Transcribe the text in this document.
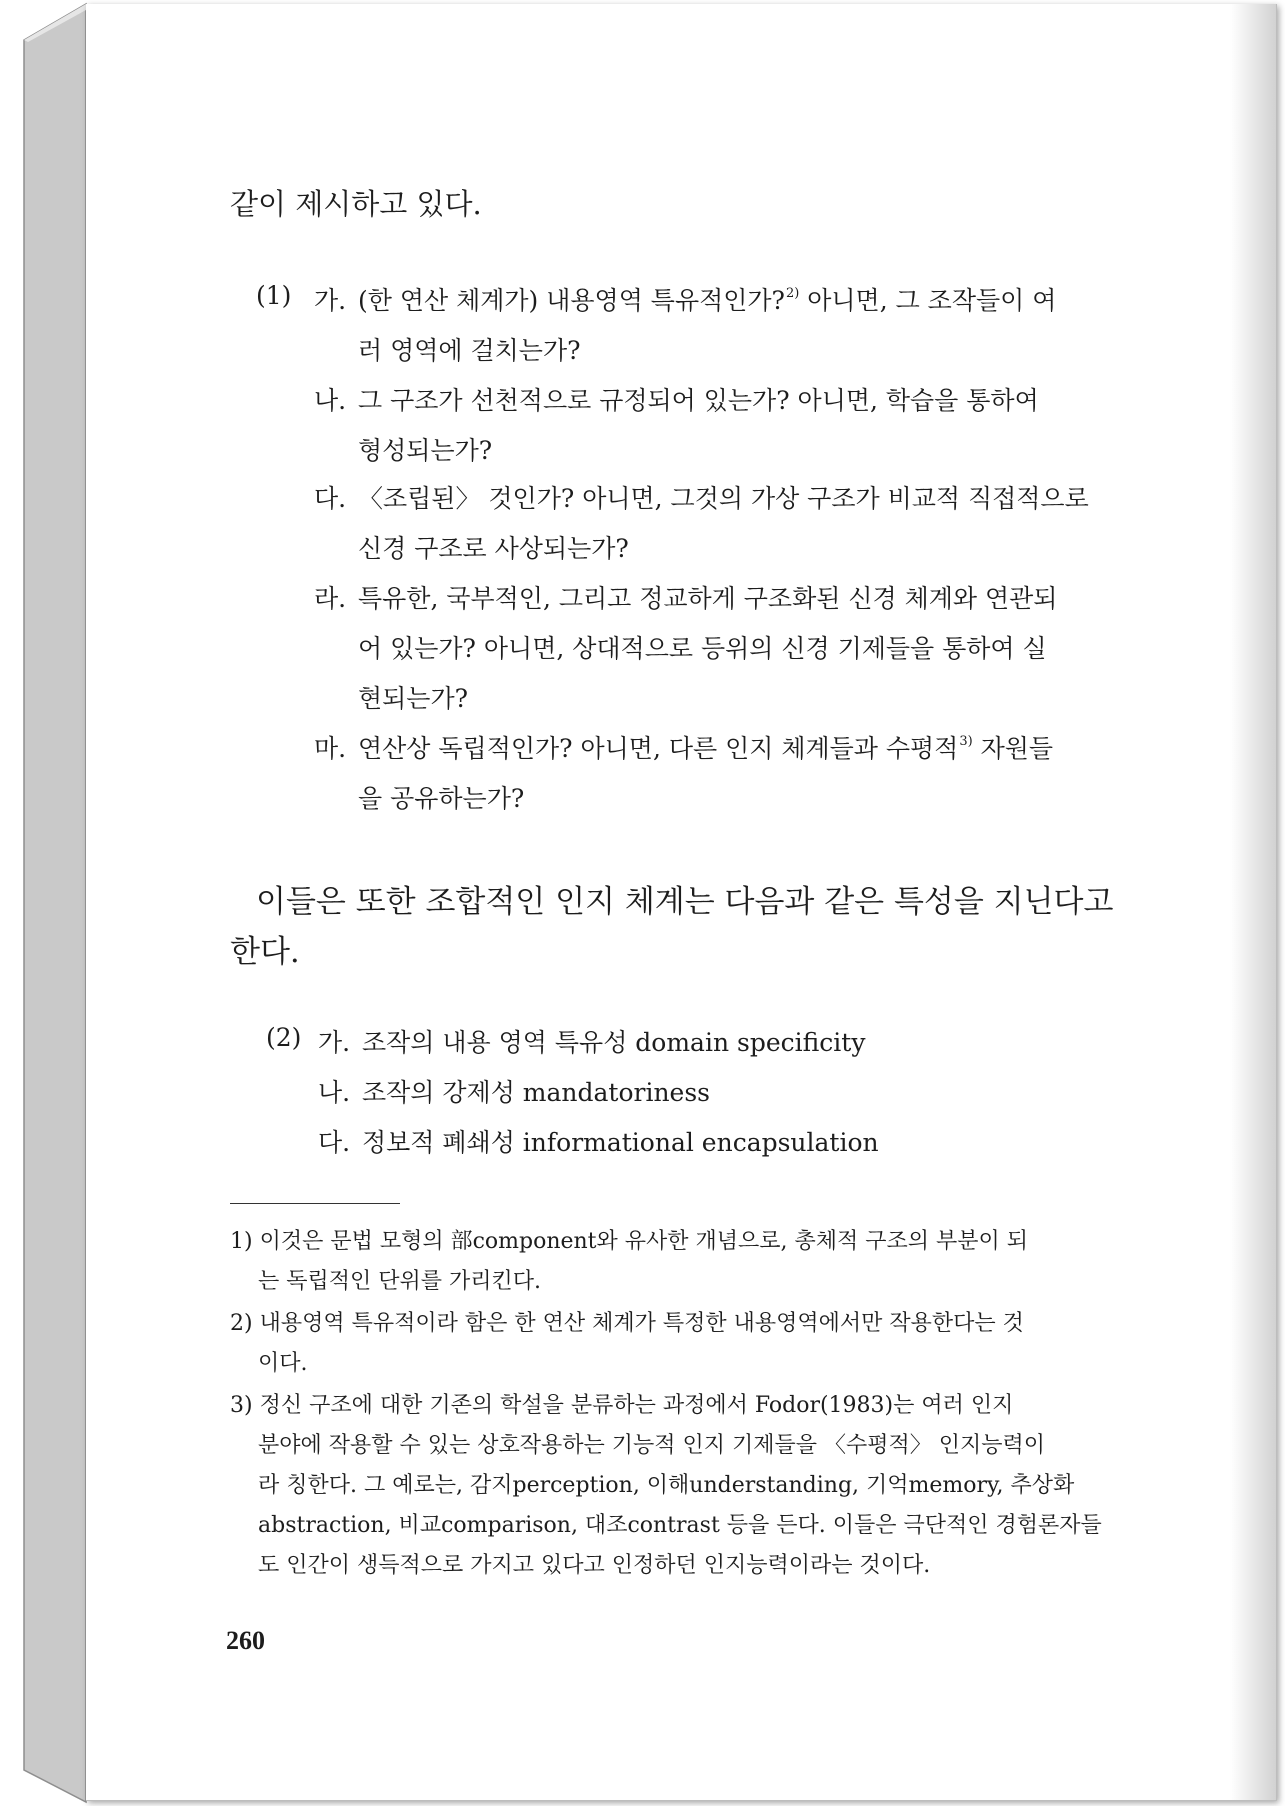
같이 제시하고 있다.
(1) 가. (한 연산 체계가) 내용영역 특유적인가?$^{2)}$ 아니면, 그 조작들이 여
러 영역에 걸치는가?
나. 그 구조가 선천적으로 규정되어 있는가? 아니면, 학습을 통하여
형성되는가?
다. 〈조립된〉 것인가? 아니면, 그것의 가상 구조가 비교적 직접적으로
신경 구조로 사상되는가?
라. 특유한, 국부적인, 그리고 정교하게 구조화된 신경 체계와 연관되
어 있는가? 아니면, 상대적으로 등위의 신경 기제들을 통하여 실
현되는가?
마. 연산상 독립적인가? 아니면, 다른 인지 체계들과 수평적$^{3)}$ 자원들
을 공유하는가?
이들은 또한 조합적인 인지 체계는 다음과 같은 특성을 지닌다고
한다.
(2) 가. 조작의 내용 영역 특유성 domain specificity
나. 조작의 강제성 mandatoriness
다. 정보적 폐쇄성 informational encapsulation
1) 이것은 문법 모형의 部component와 유사한 개념으로, 총체적 구조의 부분이 되
는 독립적인 단위를 가리킨다.
2) 내용영역 특유적이라 함은 한 연산 체계가 특정한 내용영역에서만 작용한다는 것
이다.
3) 정신 구조에 대한 기존의 학설을 분류하는 과정에서 Fodor(1983)는 여러 인지
분야에 작용할 수 있는 상호작용하는 기능적 인지 기제들을 〈수평적〉 인지능력이
라 칭한다. 그 예로는, 감지perception, 이해understanding, 기억memory, 추상화
abstraction, 비교comparison, 대조contrast 등을 든다. 이들은 극단적인 경험론자들
도 인간이 생득적으로 가지고 있다고 인정하던 인지능력이라는 것이다.
260
